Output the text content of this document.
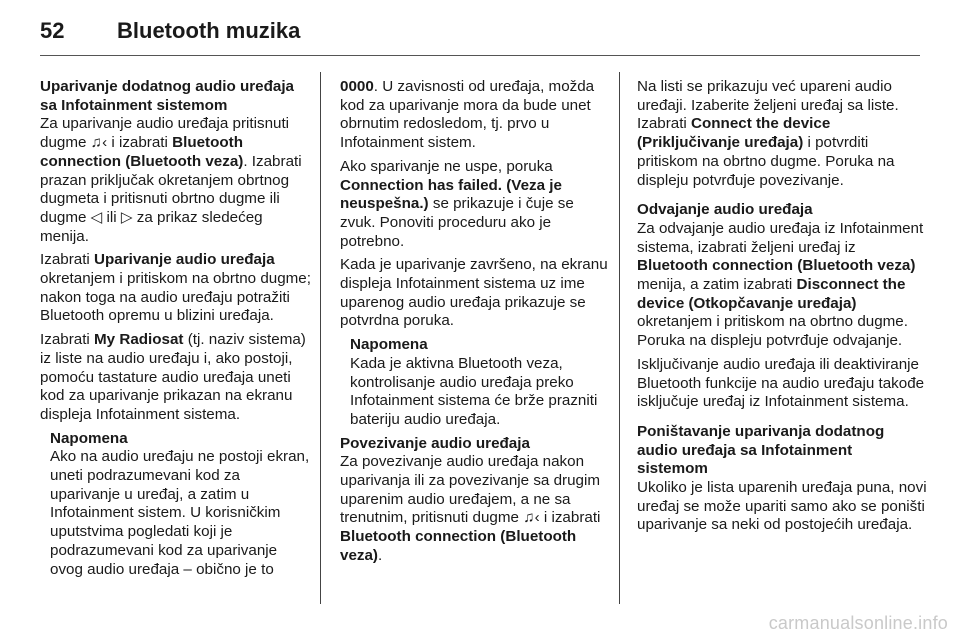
52 Bluetooth muzika
Uparivanje dodatnog audio uređaja sa Infotainment sistemom

Za uparivanje audio uređaja pritisnuti dugme ♫‹ i izabrati Bluetooth connection (Bluetooth veza). Izabrati prazan priključak okretanjem obrtnog dugmeta i pritisnuti obrtno dugme ili dugme ◁ ili ▷ za prikaz sledećeg menija.

Izabrati Uparivanje audio uređaja okretanjem i pritiskom na obrtno dugme; nakon toga na audio uređaju potražiti Bluetooth opremu u blizini uređaja.

Izabrati My Radiosat (tj. naziv sistema) iz liste na audio uređaju i, ako postoji, pomoću tastature audio uređaja uneti kod za uparivanje prikazan na ekranu displeja Infotainment sistema.

Napomena
Ako na audio uređaju ne postoji ekran, uneti podrazumevani kod za uparivanje u uređaj, a zatim u Infotainment sistem. U korisničkim uputstvima pogledati koji je podrazumevani kod za uparivanje ovog audio uređaja – obično je to

0000. U zavisnosti od uređaja, možda kod za uparivanje mora da bude unet obrnutim redosledom, tj. prvo u Infotainment sistem.

Ako sparivanje ne uspe, poruka Connection has failed. (Veza je neuspešna.) se prikazuje i čuje se zvuk. Ponoviti proceduru ako je potrebno.

Kada je uparivanje završeno, na ekranu displeja Infotainment sistema uz ime uparenog audio uređaja prikazuje se potvrdna poruka.

Napomena
Kada je aktivna Bluetooth veza, kontrolisanje audio uređaja preko Infotainment sistema će brže prazniti bateriju audio uređaja.
Povezivanje audio uređaja

Za povezivanje audio uređaja nakon uparivanja ili za povezivanje sa drugim uparenim audio uređajem, a ne sa trenutnim, pritisnuti dugme ♫‹ i izabrati Bluetooth connection (Bluetooth veza).

Na listi se prikazuju već upareni audio uređaji. Izaberite željeni uređaj sa liste. Izabrati Connect the device (Priključivanje uređaja) i potvrditi pritiskom na obrtno dugme. Poruka na displeju potvrđuje povezivanje.

Odvajanje audio uređaja

Za odvajanje audio uređaja iz Infotainment sistema, izabrati željeni uređaj iz Bluetooth connection (Bluetooth veza) menija, a zatim izabrati Disconnect the device (Otkopčavanje uređaja) okretanjem i pritiskom na obrtno dugme. Poruka na displeju potvrđuje odvajanje.

Isključivanje audio uređaja ili deaktiviranje Bluetooth funkcije na audio uređaju takođe isključuje uređaj iz Infotainment sistema.

Poništavanje uparivanja dodatnog audio uređaja sa Infotainment sistemom

Ukoliko je lista uparenih uređaja puna, novi uređaj se može upariti samo ako se poništi uparivanje sa neki od postojećih uređaja.

carmanualsonline.info
